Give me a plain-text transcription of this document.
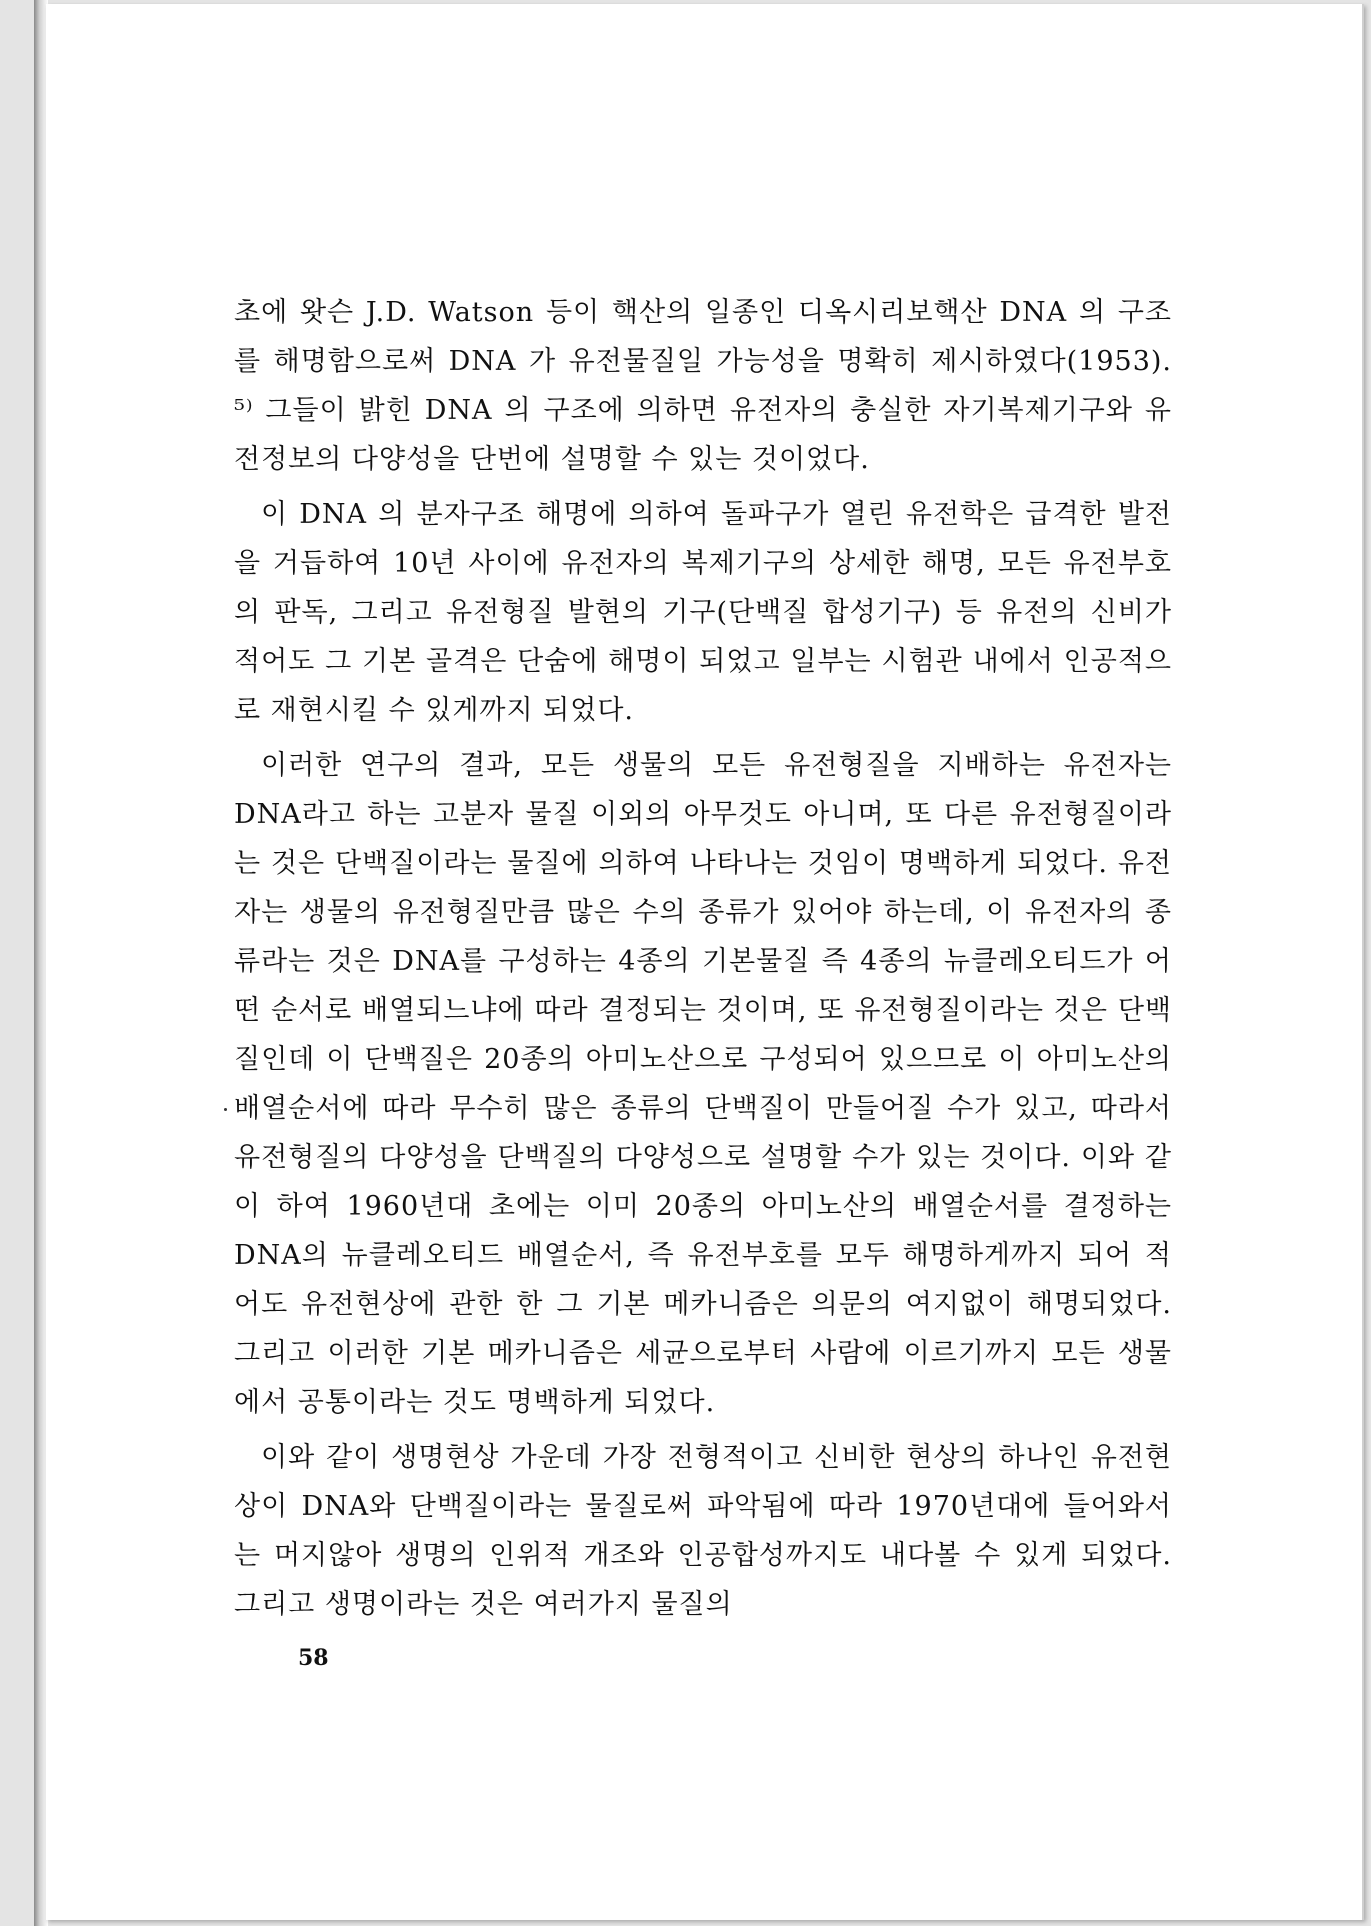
초에 왓슨 J.D. Watson 등이 핵산의 일종인 디옥시리보핵산 DNA 의 구조를 해명함으로써 DNA 가 유전물질일 가능성을 명확히 제시하였다(1953). ⁵⁾ 그들이 밝힌 DNA 의 구조에 의하면 유전자의 충실한 자기복제기구와 유전정보의 다양성을 단번에 설명할 수 있는 것이었다.

이 DNA 의 분자구조 해명에 의하여 돌파구가 열린 유전학은 급격한 발전을 거듭하여 10년 사이에 유전자의 복제기구의 상세한 해명, 모든 유전부호의 판독, 그리고 유전형질 발현의 기구(단백질 합성기구) 등 유전의 신비가 적어도 그 기본 골격은 단숨에 해명이 되었고 일부는 시험관 내에서 인공적으로 재현시킬 수 있게까지 되었다.

이러한 연구의 결과, 모든 생물의 모든 유전형질을 지배하는 유전자는 DNA라고 하는 고분자 물질 이외의 아무것도 아니며, 또 다른 유전형질이라는 것은 단백질이라는 물질에 의하여 나타나는 것임이 명백하게 되었다. 유전자는 생물의 유전형질만큼 많은 수의 종류가 있어야 하는데, 이 유전자의 종류라는 것은 DNA를 구성하는 4종의 기본물질 즉 4종의 뉴클레오티드가 어떤 순서로 배열되느냐에 따라 결정되는 것이며, 또 유전형질이라는 것은 단백질인데 이 단백질은 20종의 아미노산으로 구성되어 있으므로 이 아미노산의 배열순서에 따라 무수히 많은 종류의 단백질이 만들어질 수가 있고, 따라서 유전형질의 다양성을 단백질의 다양성으로 설명할 수가 있는 것이다. 이와 같이 하여 1960년대 초에는 이미 20종의 아미노산의 배열순서를 결정하는 DNA의 뉴클레오티드 배열순서, 즉 유전부호를 모두 해명하게까지 되어 적어도 유전현상에 관한 한 그 기본 메카니즘은 의문의 여지없이 해명되었다. 그리고 이러한 기본 메카니즘은 세균으로부터 사람에 이르기까지 모든 생물에서 공통이라는 것도 명백하게 되었다.

이와 같이 생명현상 가운데 가장 전형적이고 신비한 현상의 하나인 유전현상이 DNA와 단백질이라는 물질로써 파악됨에 따라 1970년대에 들어와서는 머지않아 생명의 인위적 개조와 인공합성까지도 내다볼 수 있게 되었다. 그리고 생명이라는 것은 여러가지 물질의

58
